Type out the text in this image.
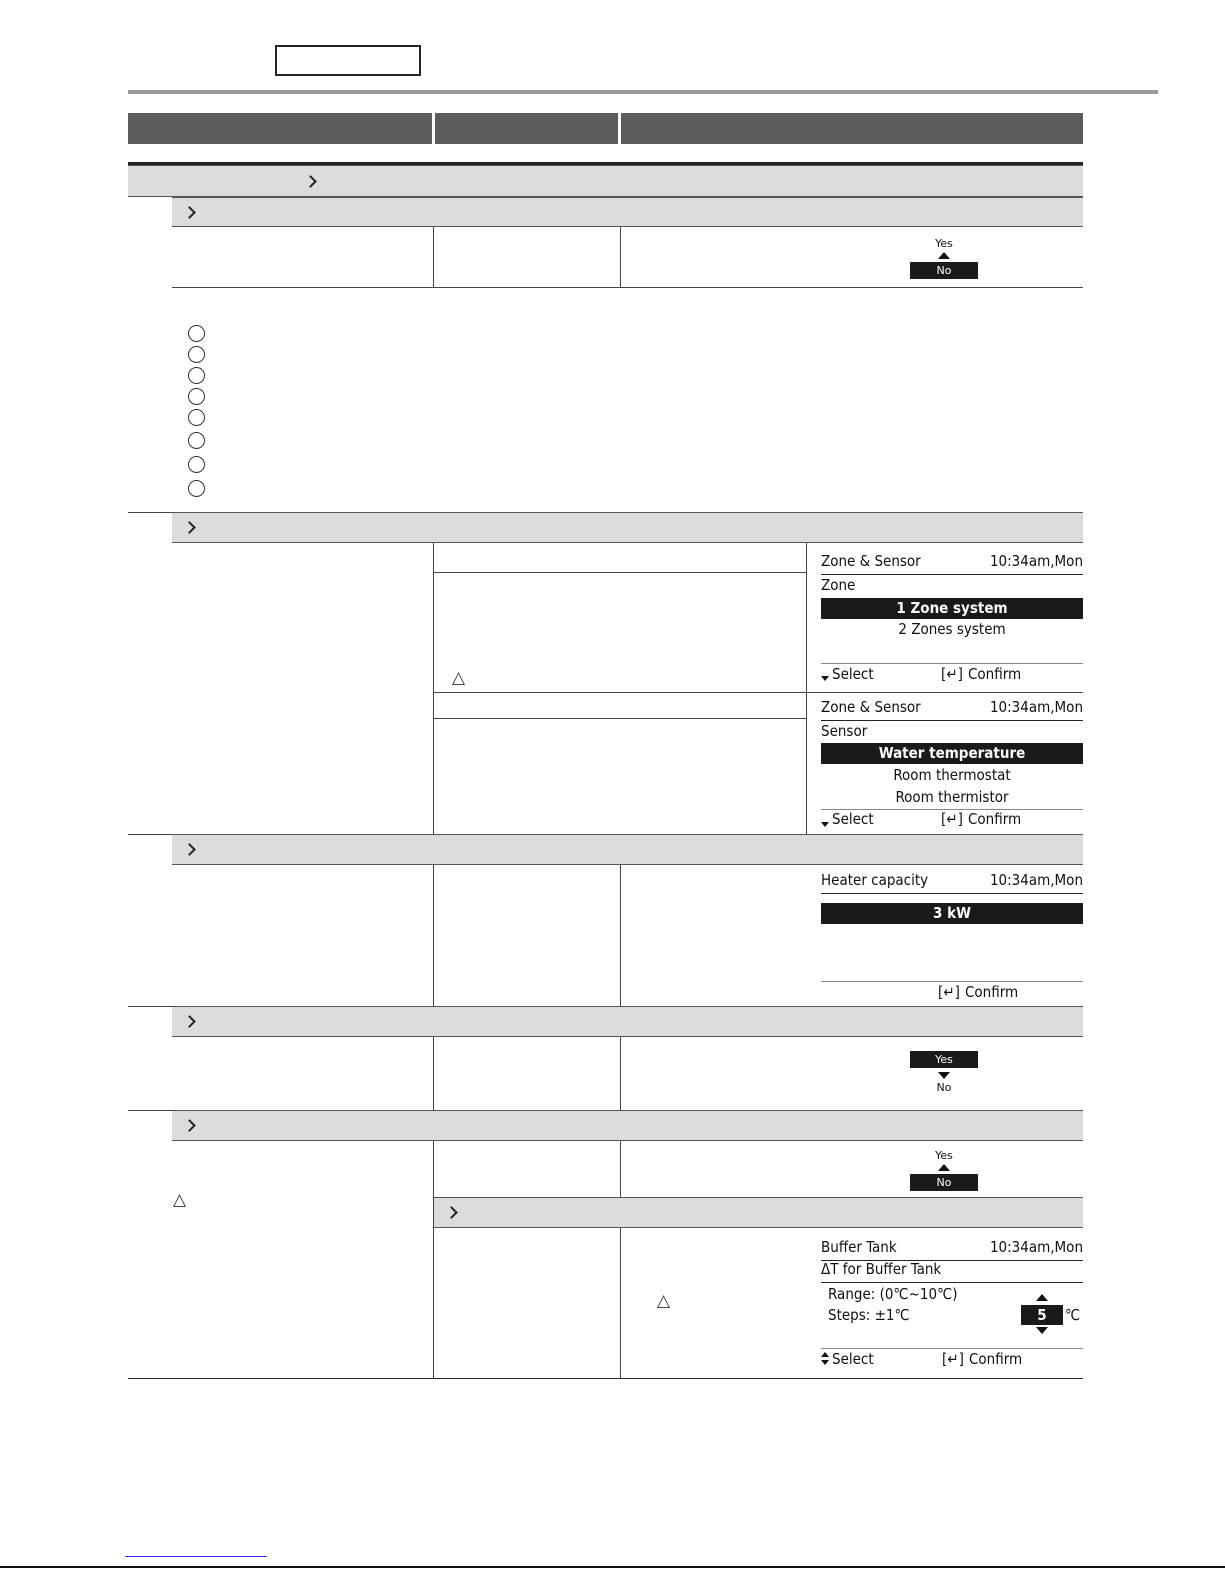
Yes
No
△
Zone & Sensor	10:34am,Mon
Zone
1 Zone system
2 Zones system
Select	[↵] Confirm
Zone & Sensor	10:34am,Mon
Sensor
Water temperature
Room thermostat
Room thermistor
Select	[↵] Confirm
Heater capacity	10:34am,Mon
3 kW
[↵] Confirm
Yes
No
△
Yes
No
△
Buffer Tank	10:34am,Mon
ΔT for Buffer Tank
Range: (0℃~10℃)
Steps: ±1℃	5	℃
Select	[↵] Confirm
